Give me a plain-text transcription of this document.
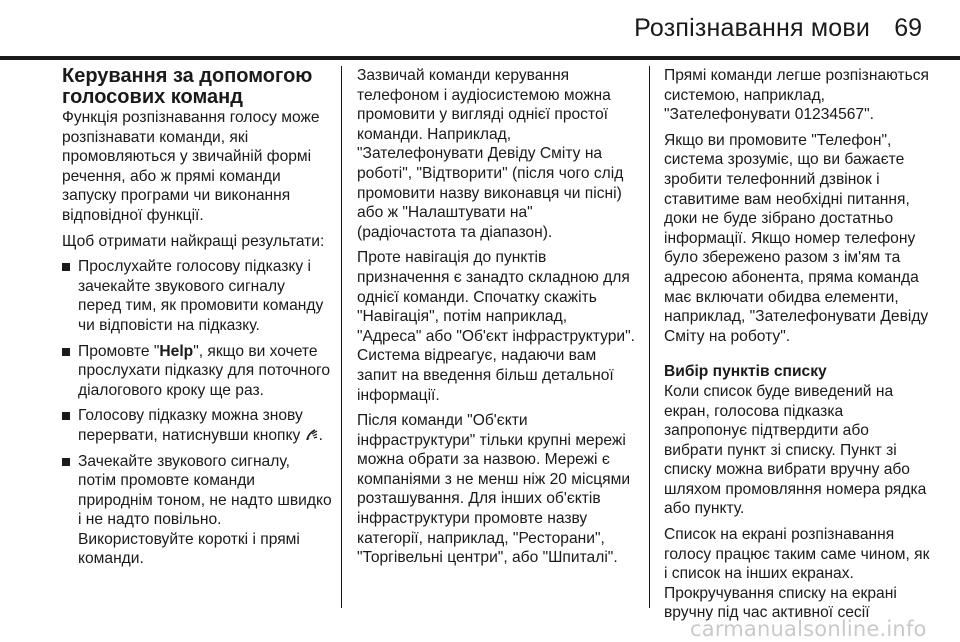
Розпізнавання мови 69
Керування за допомогою голосових команд

Функція розпізнавання голосу може розпізнавати команди, які промовляються у звичайній формі речення, або ж прямі команди запуску програми чи виконання відповідної функції.

Щоб отримати найкращі результати:

Прослухайте голосову підказку і зачекайте звукового сигналу перед тим, як промовити команду чи відповісти на підказку.
Промовте "Help", якщо ви хочете прослухати підказку для поточного діалогового кроку ще раз.
Голосову підказку можна знову перервати, натиснувши кнопку .
Зачекайте звукового сигналу, потім промовте команди природнім тоном, не надто швидко і не надто повільно. Використовуйте короткі і прямі команди.

Зазвичай команди керування телефоном і аудіосистемою можна промовити у вигляді однієї простої команди. Наприклад, "Зателефонувати Девіду Сміту на роботі", "Відтворити" (після чого слід промовити назву виконавця чи пісні) або ж "Налаштувати на" (радіочастота та діапазон).

Проте навігація до пунктів призначення є занадто складною для однієї команди. Спочатку скажіть "Навігація", потім наприклад, "Адреса" або "Об'єкт інфраструктури". Система відреагує, надаючи вам запит на введення більш детальної інформації.

Після команди "Об'єкти інфраструктури" тільки крупні мережі можна обрати за назвою. Мережі є компаніями з не менш ніж 20 місцями розташування. Для інших об'єктів інфраструктури промовте назву категорії, наприклад, "Ресторани", "Торгівельні центри", або "Шпиталі".

Прямі команди легше розпізнаються системою, наприклад, "Зателефонувати 01234567".

Якщо ви промовите "Телефон", система зрозуміє, що ви бажаєте зробити телефонний дзвінок і ставитиме вам необхідні питання, доки не буде зібрано достатньо інформації. Якщо номер телефону було збережено разом з ім'ям та адресою абонента, пряма команда має включати обидва елементи, наприклад, "Зателефонувати Девіду Сміту на роботу".

Вибір пунктів списку

Коли список буде виведений на екран, голосова підказка запропонує підтвердити або вибрати пункт зі списку. Пункт зі списку можна вибрати вручну або шляхом промовляння номера рядка або пункту.

Список на екрані розпізнавання голосу працює таким саме чином, як і список на інших екранах. Прокручування списку на екрані вручну під час активної сесії

carmanualsonline.info
